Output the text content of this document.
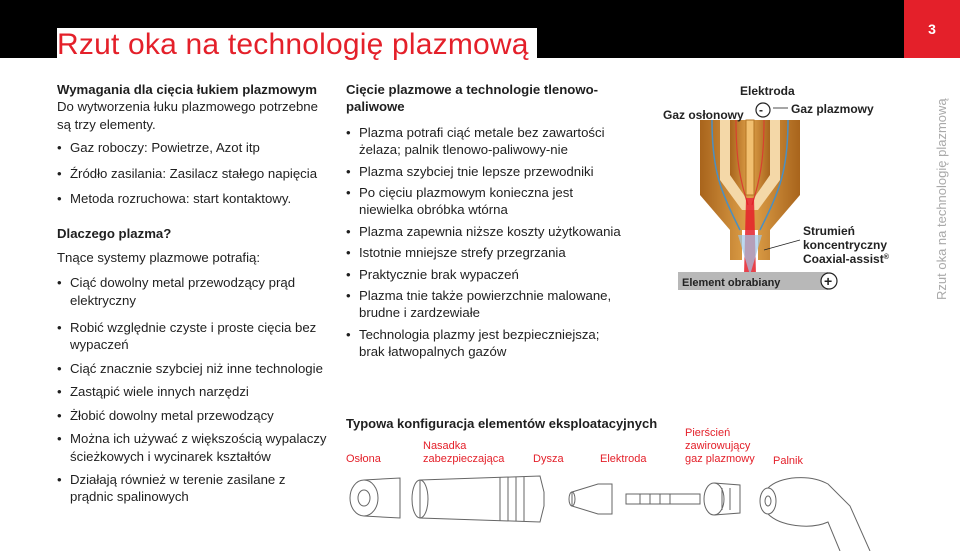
3
Rzut oka na technologię plazmową
Rzut oka na technologię plazmową
Wymagania dla cięcia łukiem plazmowym
Do wytworzenia łuku plazmowego potrzebne są trzy elementy.
• Gaz roboczy: Powietrze, Azot itp
• Źródło zasilania: Zasilacz stałego napięcia
• Metoda rozruchowa: start kontaktowy.
Dlaczego plazma?
Tnące systemy plazmowe potrafią:
• Ciąć dowolny metal przewodzący prąd elektryczny
• Robić względnie czyste i proste cięcia bez wypaczeń
• Ciąć znacznie szybciej niż inne technologie
• Zastąpić wiele innych narzędzi
• Żłobić dowolny metal przewodzący
• Można ich używać z większością wypalaczy ścieżkowych i wycinarek kształtów
• Działają również w terenie zasilane z prądnic spalinowych
Cięcie plazmowe a technologie tlenowo-paliwowe
• Plazma potrafi ciąć metale bez zawartości żelaza; palnik tlenowo-paliwowy-nie
• Plazma szybciej tnie lepsze przewodniki
• Po cięciu plazmowym konieczna jest niewielka obróbka wtórna
• Plazma zapewnia niższe koszty użytkowania
• Istotnie mniejsze strefy przegrzania
• Praktycznie brak wypaczeń
• Plazma tnie także powierzchnie malowane, brudne i zardzewiałe
• Technologia plazmy jest bezpieczniejsza; brak łatwopalnych gazów
Elektroda
Gaz osłonowy	Gaz plazmowy
-
Strumień
koncentryczny
Coaxial-assist®
Element obrabiany	+
Typowa konfiguracja elementów eksploatacyjnych
Osłona
Nasadka
zabezpieczająca	Dysza	Elektroda
Pierścień
zawirowujący
gaz plazmowy Palnik
